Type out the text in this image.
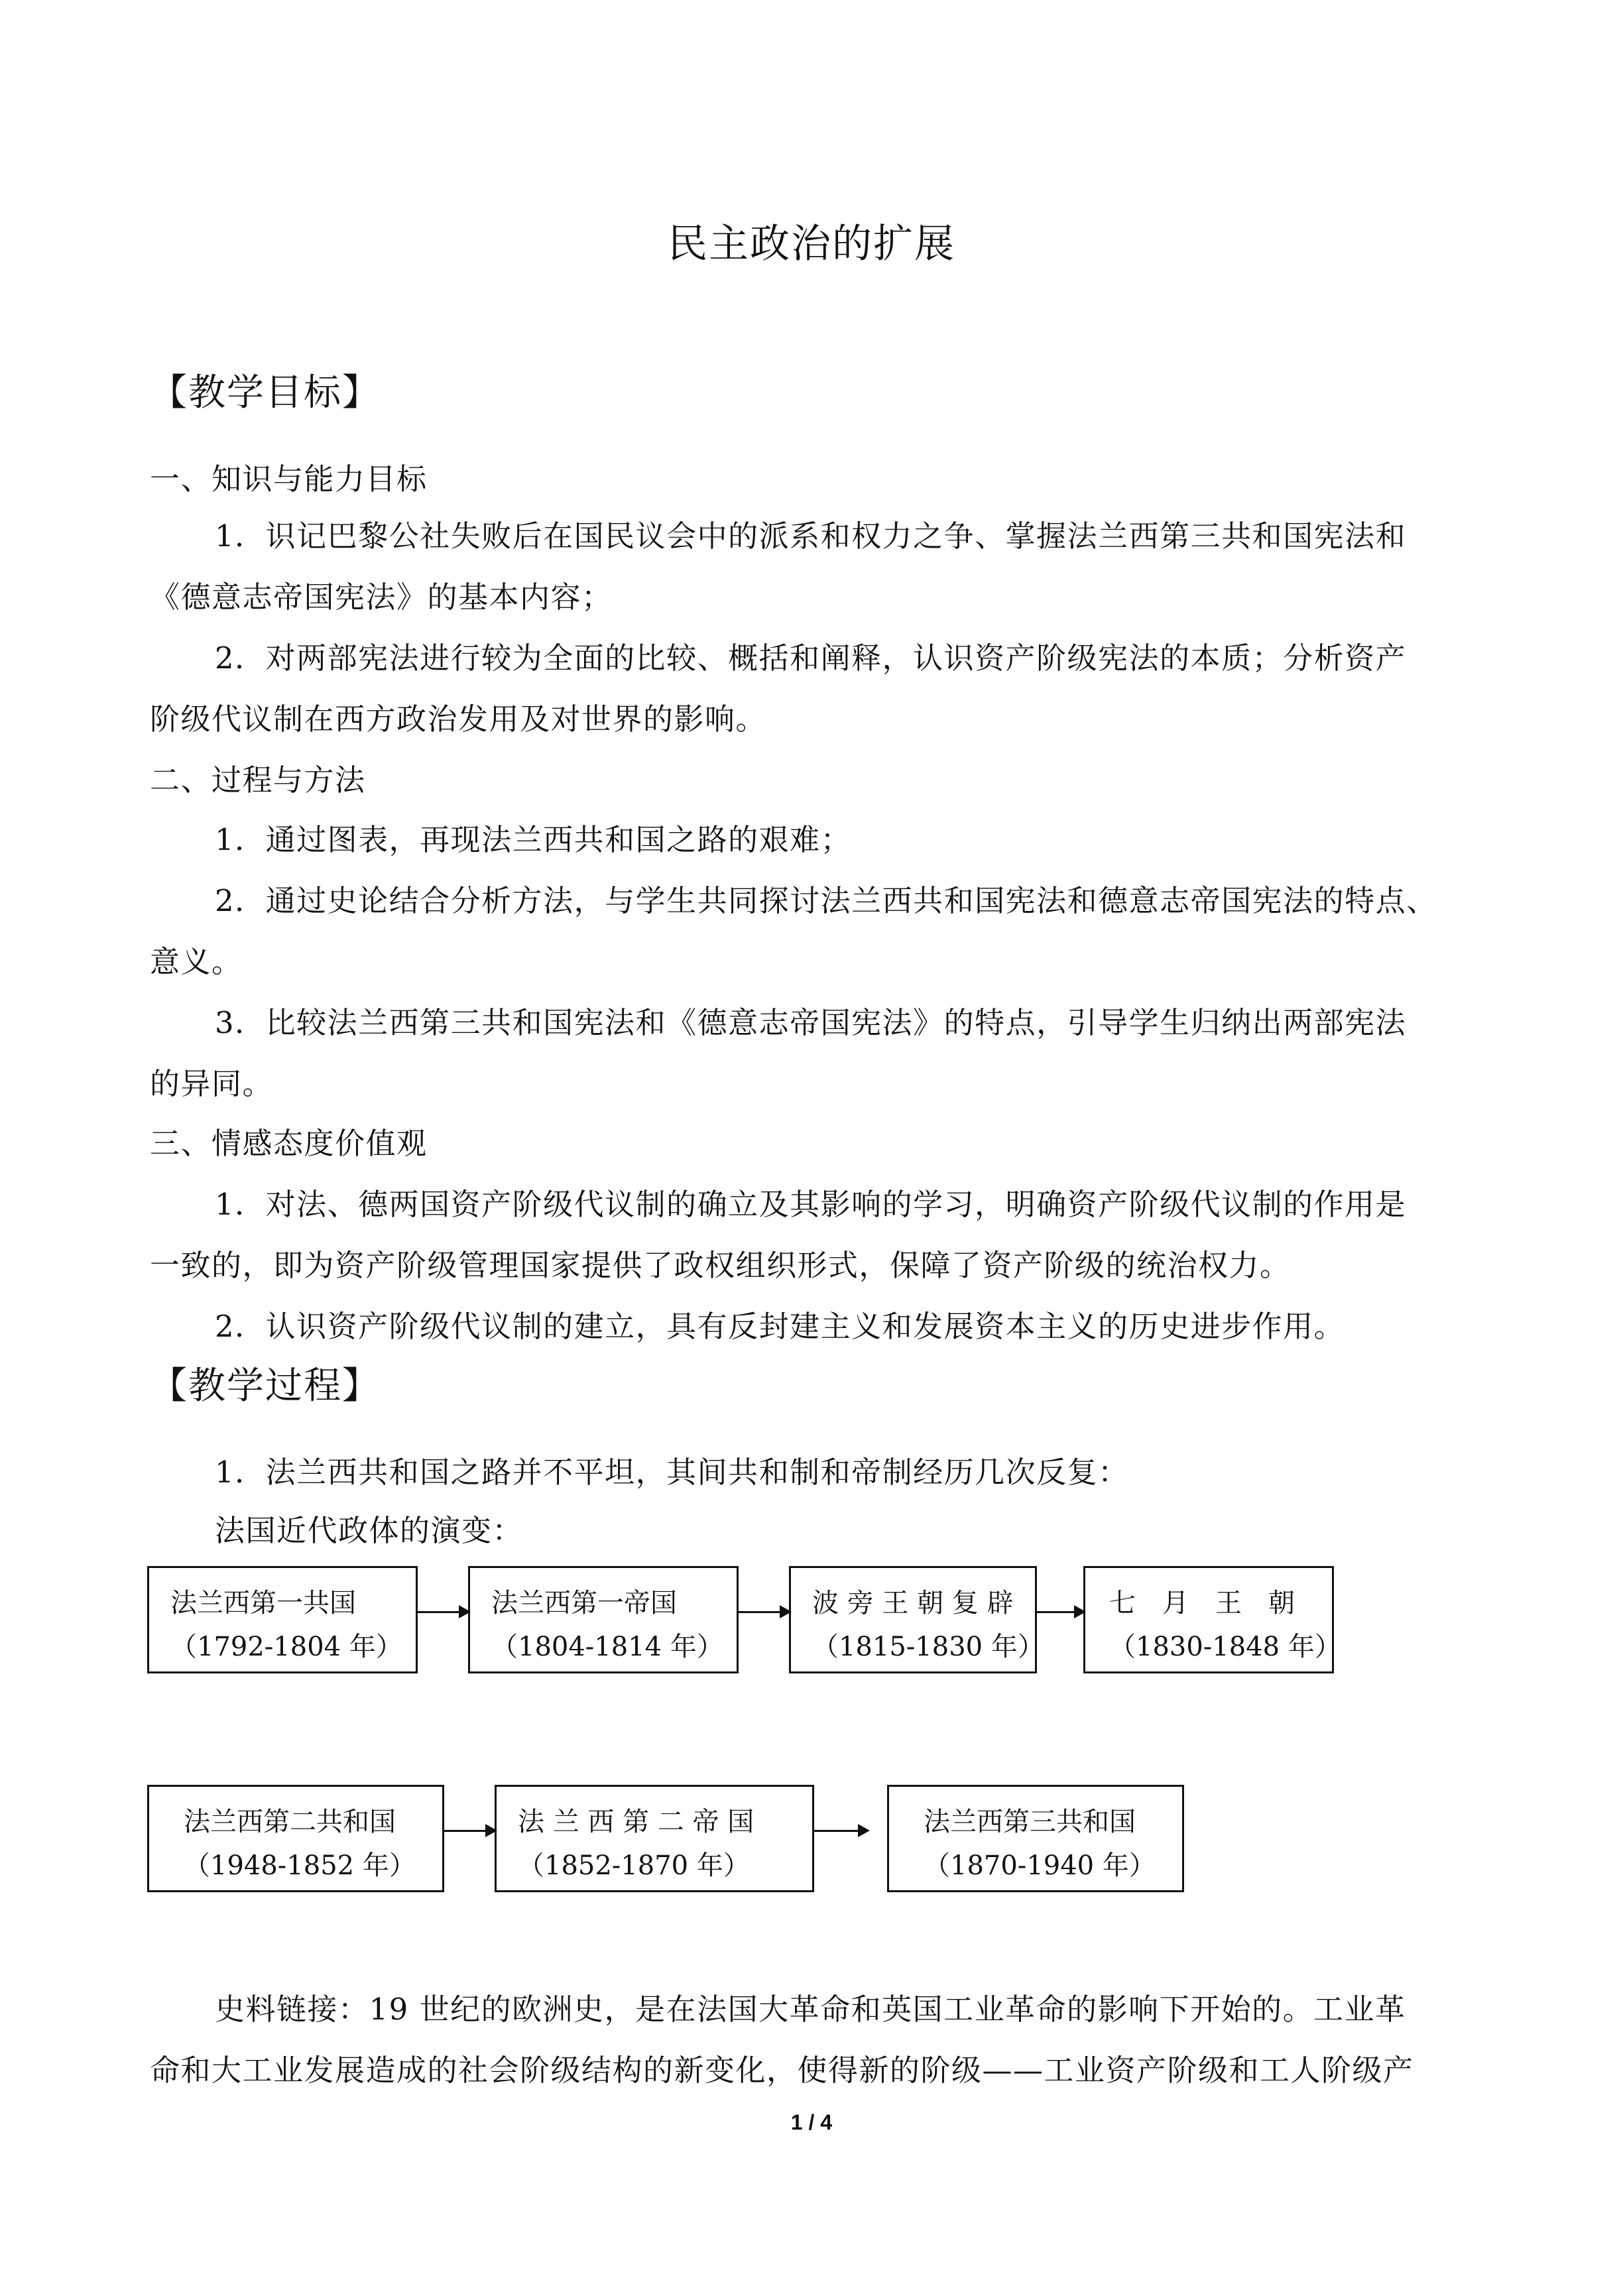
民主政治的扩展
【教学目标】
一、知识与能力目标
1．识记巴黎公社失败后在国民议会中的派系和权力之争、掌握法兰西第三共和国宪法和
《德意志帝国宪法》的基本内容；
2．对两部宪法进行较为全面的比较、概括和阐释，认识资产阶级宪法的本质；分析资产
阶级代议制在西方政治发用及对世界的影响。
二、过程与方法
1．通过图表，再现法兰西共和国之路的艰难；
2．通过史论结合分析方法，与学生共同探讨法兰西共和国宪法和德意志帝国宪法的特点、
意义。
3．比较法兰西第三共和国宪法和《德意志帝国宪法》的特点，引导学生归纳出两部宪法
的异同。
三、情感态度价值观
1．对法、德两国资产阶级代议制的确立及其影响的学习，明确资产阶级代议制的作用是
一致的，即为资产阶级管理国家提供了政权组织形式，保障了资产阶级的统治权力。
2．认识资产阶级代议制的建立，具有反封建主义和发展资本主义的历史进步作用。
【教学过程】
1．法兰西共和国之路并不平坦，其间共和制和帝制经历几次反复：
法国近代政体的演变：
法兰西第一共国
（1792-1804 年）
法兰西第一帝国
（1804-1814 年）
波 旁 王 朝 复 辟
（1815-1830 年）
七　月　王　朝
（1830-1848 年）
法兰西第二共和国
（1948-1852 年）
法 兰 西 第 二 帝 国
（1852-1870 年）
法兰西第三共和国
（1870-1940 年）
史料链接：19 世纪的欧洲史，是在法国大革命和英国工业革命的影响下开始的。工业革
命和大工业发展造成的社会阶级结构的新变化，使得新的阶级——工业资产阶级和工人阶级产
1 / 4
